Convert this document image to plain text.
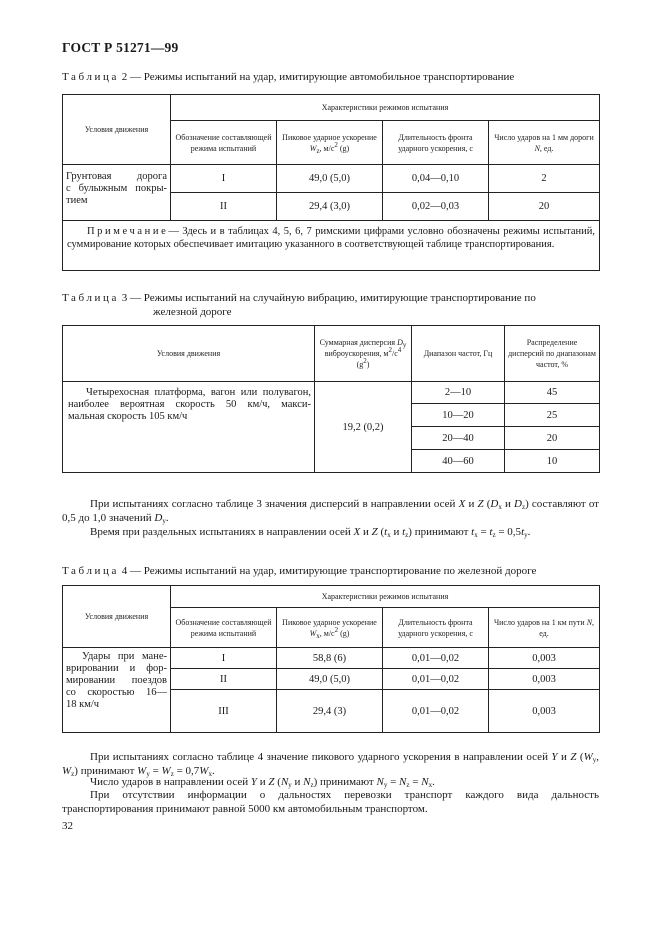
ГОСТ Р 51271—99
Таблица 2 — Режимы испытаний на удар, имитирующие автомобильное транспортирование
Условия движения	Характеристики режимов испытания			
	Обозначение составляющей режима испытаний	Пиковое ударное ускорение $W_z$, $м/с^2$ (g)	Длительность фронта ударного ускорения, с	Число ударов на 1 мм дороги N, ед.

Грунтовая дорога
с булыжным покры-
тием	I	49,0 (5,0)	0,04—0,10	2
	II	29,4 (3,0)	0,02—0,03	20
Примечание— Здесь и в таблицах 4, 5, 6, 7 римскими цифрами условно обозначены режимы испытаний, суммирование которых обеспечивает имитацию указанного в соответствующей таблице транспортирования.				
Таблица 3 — Режимы испытаний на случайную вибрацию, имитирующие транспортирование по
железной дороге
Условия движения	Суммарная дисперсия $D_y$ виброускорения, $м^2/с^4$ $(g^2)$	Диапазон частот, Гц	Распределение дисперсий по диапазонам частот, %

Четырехосная платформа, вагон или полувагон,
наиболее вероятная скорость 50 км/ч, макси-
мальная скорость 105 км/ч	19,2 (0,2)	2—10	45
		10—20	25
		20—40	20
		40—60	10
При испытаниях согласно таблице 3 значения дисперсий в направлении осей X и Z ($D_x$ и $D_z$) составляют от 0,5 до 1,0 значений $D_y$.
Время при раздельных испытаниях в направлении осей X и Z ($t_x$ и $t_z$) принимают $t_x = t_z = 0,5t_y$.
Таблица 4 — Режимы испытаний на удар, имитирующие транспортирование по железной дороге
Условия движения	Характеристики режимов испытания			
	Обозначение составляющей режима испытаний	Пиковое ударное ускорение $W_x$, $м/с^2$ (g)	Длительность фронта ударного ускорения, с	Число ударов на 1 км пути N, ед.

Удары при мане-
врировании и фор-
мировании поездов
со скоростью 16—
18 км/ч	I	58,8 (6)	0,01—0,02	0,003
	II	49,0 (5,0)	0,01—0,02	0,003
	III	29,4 (3)	0,01—0,02	0,003
При испытаниях согласно таблице 4 значение пикового ударного ускорения в направлении осей Y и Z ($W_y$, $W_z$) принимают $W_y = W_z = 0,7W_x$.
Число ударов в направлении осей Y и Z ($N_y$ и $N_z$) принимают $N_y = N_z = N_x$.
При отсутствии информации о дальностях перевозки транспорт каждого вида дальность транспортирования принимают равной 5000 км автомобильным транспортом.
32
